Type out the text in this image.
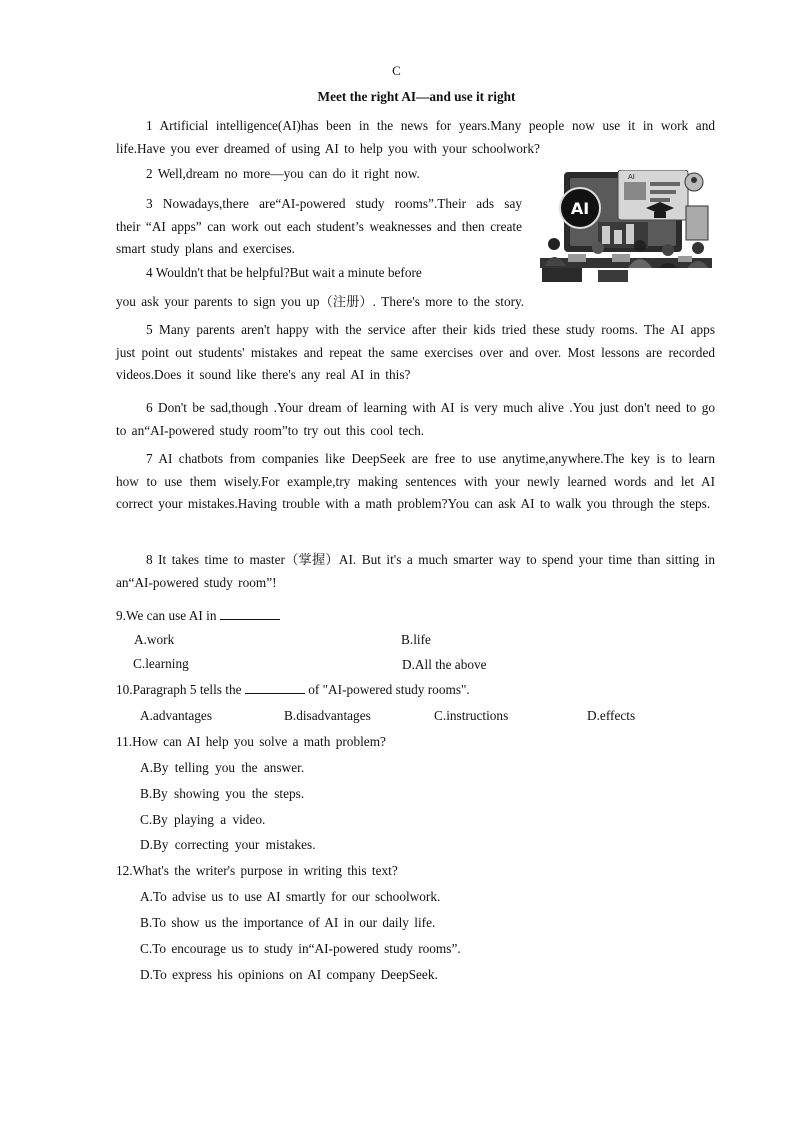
C
Meet the right AI—and use it right
1 Artificial intelligence(AI)has been in the news for years.Many people now use it in work and life.Have you ever dreamed of using AI to help you with your schoolwork?
2 Well,dream no more—you can do it right now.
3 Nowadays,there are“AI-powered study rooms”.Their ads say their “AI apps” can work out each student’s weaknesses and then create smart study plans and exercises.
4 Wouldn't that be helpful?But wait a minute before
you ask your parents to sign you up（注册）. There's more to the story.
5 Many parents aren't happy with the service after their kids tried these study rooms. The AI apps just point out students' mistakes and repeat the same exercises over and over. Most lessons are recorded videos.Does it sound like there's any real AI in this?
6 Don't be sad,though .Your dream of learning with AI is very much alive .You just don't need to go to an“AI-powered study room”to try out this cool tech.
7 AI chatbots from companies like DeepSeek are free to use anytime,anywhere.The key is to learn how to use them wisely.For example,try making sentences with your newly learned words and let AI correct your mistakes.Having trouble with a math problem?You can ask AI to walk you through the steps.
8 It takes time to master（掌握）AI. But it's a much smarter way to spend your time than sitting in an“AI-powered study room”!
AI
AI
9.We can use AI in
A.work	B.life
C.learning	D.All the above
10.Paragraph 5 tells the	of "AI-powered study rooms".
A.advantages	B.disadvantages	C.instructions	D.effects
11.How can AI help you solve a math problem?
A.By telling you the answer.
B.By showing you the steps.
C.By playing a video.
D.By correcting your mistakes.
12.What's the writer's purpose in writing this text?
A.To advise us to use AI smartly for our schoolwork.
B.To show us the importance of AI in our daily life.
C.To encourage us to study in“AI-powered study rooms”.
D.To express his opinions on AI company DeepSeek.
